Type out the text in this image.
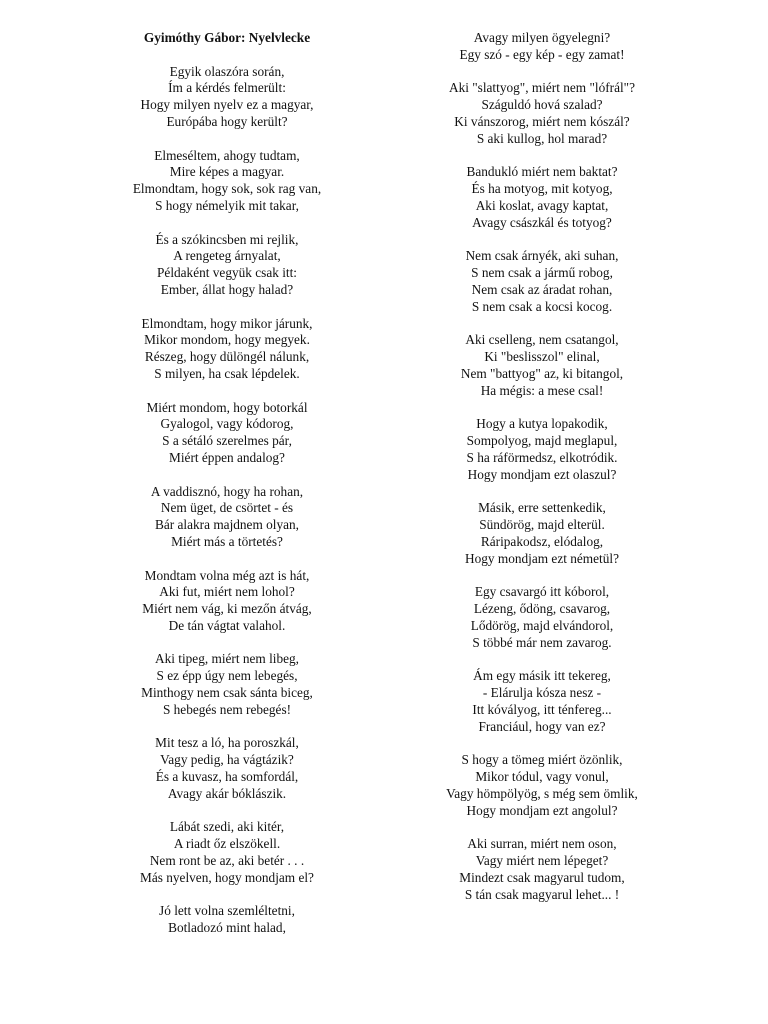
Gyimóthy Gábor: Nyelvlecke
Egyik olaszóra során,
Ím a kérdés felmerült:
Hogy milyen nyelv ez a magyar,
Európába hogy került?
Elmeséltem, ahogy tudtam,
Mire képes a magyar.
Elmondtam, hogy sok, sok rag van,
S hogy némelyik mit takar,
És a szókincsben mi rejlik,
A rengeteg árnyalat,
Példaként vegyük csak itt:
Ember, állat hogy halad?
Elmondtam, hogy mikor járunk,
Mikor mondom, hogy megyek.
Részeg, hogy dülöngél nálunk,
S milyen, ha csak lépdelek.
Miért mondom, hogy botorkál
Gyalogol, vagy kódorog,
S a sétáló szerelmes pár,
Miért éppen andalog?
A vaddisznó, hogy ha rohan,
Nem üget, de csörtet - és
Bár alakra majdnem olyan,
Miért más a törtetés?
Mondtam volna még azt is hát,
Aki fut, miért nem lohol?
Miért nem vág, ki mezőn átvág,
De tán vágtat valahol.
Aki tipeg, miért nem libeg,
S ez épp úgy nem lebegés,
Minthogy nem csak sánta biceg,
S hebegés nem rebegés!
Mit tesz a ló, ha poroszkál,
Vagy pedig, ha vágtázik?
És a kuvasz, ha somfordál,
Avagy akár bóklászik.
Lábát szedi, aki kitér,
A riadt őz elszökell.
Nem ront be az, aki betér . . .
Más nyelven, hogy mondjam el?
Jó lett volna szemléltetni,
Botladozó mint halad,
Avagy milyen ögyelegni?
Egy szó - egy kép - egy zamat!
Aki "slattyog", miért nem "lófrál"?
Száguldó hová szalad?
Ki vánszorog, miért nem kószál?
S aki kullog, hol marad?
Bandukló miért nem baktat?
És ha motyog, mit kotyog,
Aki koslat, avagy kaptat,
Avagy császkál és totyog?
Nem csak árnyék, aki suhan,
S nem csak a jármű robog,
Nem csak az áradat rohan,
S nem csak a kocsi kocog.
Aki cselleng, nem csatangol,
Ki "beslisszol" elinal,
Nem "battyog" az, ki bitangol,
Ha mégis: a mese csal!
Hogy a kutya lopakodik,
Sompolyog, majd meglapul,
S ha ráförmedsz, elkotródik.
Hogy mondjam ezt olaszul?
Másik, erre settenkedik,
Sündörög, majd elterül.
Ráripakodsz, elódalog,
Hogy mondjam ezt németül?
Egy csavargó itt kóborol,
Lézeng, ődöng, csavarog,
Lődörög, majd elvándorol,
S többé már nem zavarog.
Ám egy másik itt tekereg,
- Elárulja kósza nesz -
Itt kóvályog, itt ténfereg...
Franciául, hogy van ez?
S hogy a tömeg miért özönlik,
Mikor tódul, vagy vonul,
Vagy hömpölyög, s még sem ömlik,
Hogy mondjam ezt angolul?
Aki surran, miért nem oson,
Vagy miért nem lépeget?
Mindezt csak magyarul tudom,
S tán csak magyarul lehet... !
